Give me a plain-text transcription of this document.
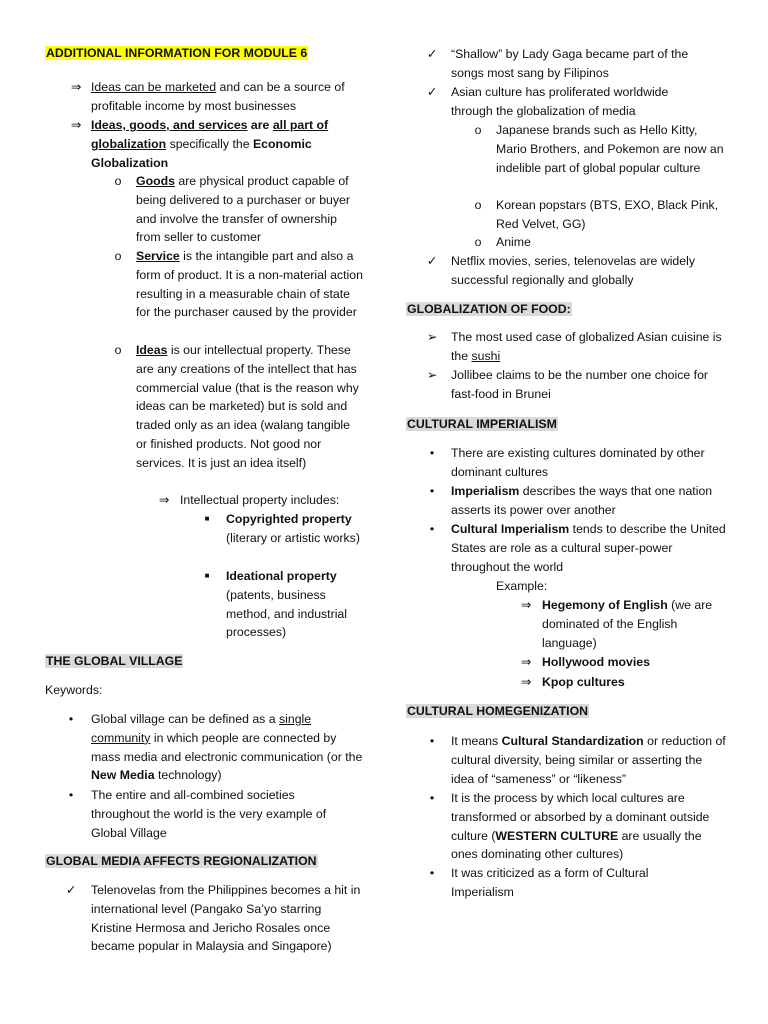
ADDITIONAL INFORMATION FOR MODULE 6
⇒ Ideas can be marketed and can be a source of profitable income by most businesses
⇒ Ideas, goods, and services are all part of globalization specifically the Economic Globalization
o	Goods are physical product capable of being delivered to a purchaser or buyer and involve the transfer of ownership from seller to customer
o	Service is the intangible part and also a form of product. It is a non-material action resulting in a measurable chain of state for the purchaser caused by the provider
o	Ideas is our intellectual property. These are any creations of the intellect that has commercial value (that is the reason why ideas can be marketed) but is sold and traded only as an idea (walang tangible or finished products. Not good nor services. It is just an idea itself)
⇒ Intellectual property includes:
■	Copyrighted property (literary or artistic works)
■	Ideational property (patents, business method, and industrial processes)
THE GLOBAL VILLAGE
Keywords:
•	Global village can be defined as a single community in which people are connected by mass media and electronic communication (or the New Media technology)
•	The entire and all-combined societies throughout the world is the very example of Global Village
GLOBAL MEDIA AFFECTS REGIONALIZATION
✓	Telenovelas from the Philippines becomes a hit in international level (Pangako Sa’yo starring Kristine Hermosa and Jericho Rosales once became popular in Malaysia and Singapore)
✓	“Shallow” by Lady Gaga became part of the songs most sang by Filipinos
✓	Asian culture has proliferated worldwide through the globalization of media
o	Japanese brands such as Hello Kitty, Mario Brothers, and Pokemon are now an indelible part of global popular culture
o	Korean popstars (BTS, EXO, Black Pink, Red Velvet, GG)
o	Anime
✓	Netflix movies, series, telenovelas are widely successful regionally and globally
GLOBALIZATION OF FOOD:
➢	The most used case of globalized Asian cuisine is the sushi
➢	Jollibee claims to be the number one choice for fast-food in Brunei
CULTURAL IMPERIALISM
•	There are existing cultures dominated by other dominant cultures
•	Imperialism describes the ways that one nation asserts its power over another
•	Cultural Imperialism tends to describe the United States are role as a cultural super-power throughout the world
Example:
⇒ Hegemony of English (we are dominated of the English language)
⇒ Hollywood movies
⇒ Kpop cultures
CULTURAL HOMEGENIZATION
•	It means Cultural Standardization or reduction of cultural diversity, being similar or asserting the idea of “sameness” or “likeness”
•	It is the process by which local cultures are transformed or absorbed by a dominant outside culture (WESTERN CULTURE are usually the ones dominating other cultures)
•	It was criticized as a form of Cultural Imperialism
